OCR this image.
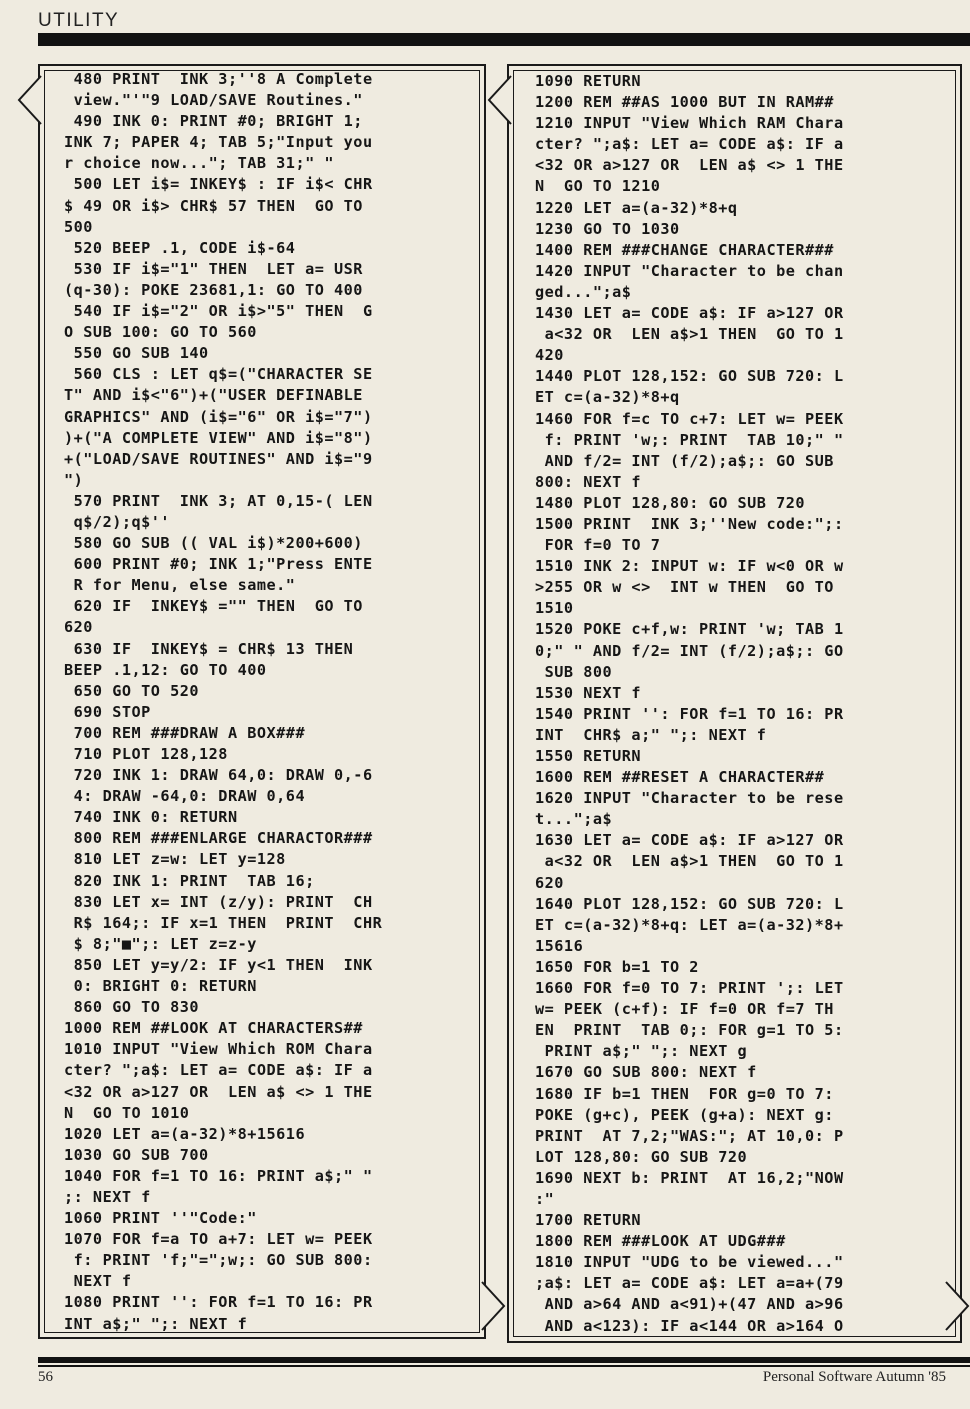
UTILITY
480 PRINT  INK 3;''8 A Complete
view."'"9 LOAD/SAVE Routines."
490 INK 0: PRINT #0; BRIGHT 1;
INK 7; PAPER 4; TAB 5;"Input you
r choice now..."; TAB 31;" "
500 LET i$= INKEY$ : IF i$< CHR
$ 49 OR i$> CHR$ 57 THEN  GO TO
500
520 BEEP .1, CODE i$-64
530 IF i$="1" THEN  LET a= USR
(q-30): POKE 23681,1: GO TO 400
540 IF i$="2" OR i$>"5" THEN  G
O SUB 100: GO TO 560
550 GO SUB 140
560 CLS : LET q$=("CHARACTER SE
T" AND i$<"6")+("USER DEFINABLE
GRAPHICS" AND (i$="6" OR i$="7")
)+("A COMPLETE VIEW" AND i$="8")
+("LOAD/SAVE ROUTINES" AND i$="9
")
570 PRINT  INK 3; AT 0,15-( LEN
q$/2);q$''
580 GO SUB (( VAL i$)*200+600)
600 PRINT #0; INK 1;"Press ENTE
R for Menu, else same."
620 IF  INKEY$ ="" THEN  GO TO
620
630 IF  INKEY$ = CHR$ 13 THEN
BEEP .1,12: GO TO 400
650 GO TO 520
690 STOP
700 REM ###DRAW A BOX###
710 PLOT 128,128
720 INK 1: DRAW 64,0: DRAW 0,-6
4: DRAW -64,0: DRAW 0,64
740 INK 0: RETURN
800 REM ###ENLARGE CHARACTOR###
810 LET z=w: LET y=128
820 INK 1: PRINT  TAB 16;
830 LET x= INT (z/y): PRINT  CH
R$ 164;: IF x=1 THEN  PRINT  CHR
$ 8;"■";: LET z=z-y
850 LET y=y/2: IF y<1 THEN  INK
0: BRIGHT 0: RETURN
860 GO TO 830
1000 REM ##LOOK AT CHARACTERS##
1010 INPUT "View Which ROM Chara
cter? ";a$: LET a= CODE a$: IF a
<32 OR a>127 OR  LEN a$ <> 1 THE
N  GO TO 1010
1020 LET a=(a-32)*8+15616
1030 GO SUB 700
1040 FOR f=1 TO 16: PRINT a$;" "
;: NEXT f
1060 PRINT ''"Code:"
1070 FOR f=a TO a+7: LET w= PEEK
f: PRINT 'f;"=";w;: GO SUB 800:
NEXT f
1080 PRINT '': FOR f=1 TO 16: PR
INT a$;" ";: NEXT f

1090 RETURN
1200 REM ##AS 1000 BUT IN RAM##
1210 INPUT "View Which RAM Chara
cter? ";a$: LET a= CODE a$: IF a
<32 OR a>127 OR  LEN a$ <> 1 THE
N  GO TO 1210
1220 LET a=(a-32)*8+q
1230 GO TO 1030
1400 REM ###CHANGE CHARACTER###
1420 INPUT "Character to be chan
ged...";a$
1430 LET a= CODE a$: IF a>127 OR
a<32 OR  LEN a$>1 THEN  GO TO 1
420
1440 PLOT 128,152: GO SUB 720: L
ET c=(a-32)*8+q
1460 FOR f=c TO c+7: LET w= PEEK
f: PRINT 'w;: PRINT  TAB 10;" "
AND f/2= INT (f/2);a$;: GO SUB
800: NEXT f
1480 PLOT 128,80: GO SUB 720
1500 PRINT  INK 3;''New code:";:
FOR f=0 TO 7
1510 INK 2: INPUT w: IF w<0 OR w
>255 OR w <>  INT w THEN  GO TO
1510
1520 POKE c+f,w: PRINT 'w; TAB 1
0;" " AND f/2= INT (f/2);a$;: GO
SUB 800
1530 NEXT f
1540 PRINT '': FOR f=1 TO 16: PR
INT  CHR$ a;" ";: NEXT f
1550 RETURN
1600 REM ##RESET A CHARACTER##
1620 INPUT "Character to be rese
t...";a$
1630 LET a= CODE a$: IF a>127 OR
a<32 OR  LEN a$>1 THEN  GO TO 1
620
1640 PLOT 128,152: GO SUB 720: L
ET c=(a-32)*8+q: LET a=(a-32)*8+
15616
1650 FOR b=1 TO 2
1660 FOR f=0 TO 7: PRINT ';: LET
w= PEEK (c+f): IF f=0 OR f=7 TH
EN  PRINT  TAB 0;: FOR g=1 TO 5:
PRINT a$;" ";: NEXT g
1670 GO SUB 800: NEXT f
1680 IF b=1 THEN  FOR g=0 TO 7:
POKE (g+c), PEEK (g+a): NEXT g:
PRINT  AT 7,2;"WAS:"; AT 10,0: P
LOT 128,80: GO SUB 720
1690 NEXT b: PRINT  AT 16,2;"NOW
:"
1700 RETURN
1800 REM ###LOOK AT UDG###
1810 INPUT "UDG to be viewed..."
;a$: LET a= CODE a$: LET a=a+(79
AND a>64 AND a<91)+(47 AND a>96
AND a<123): IF a<144 OR a>164 O

56	Personal Software Autumn '85
